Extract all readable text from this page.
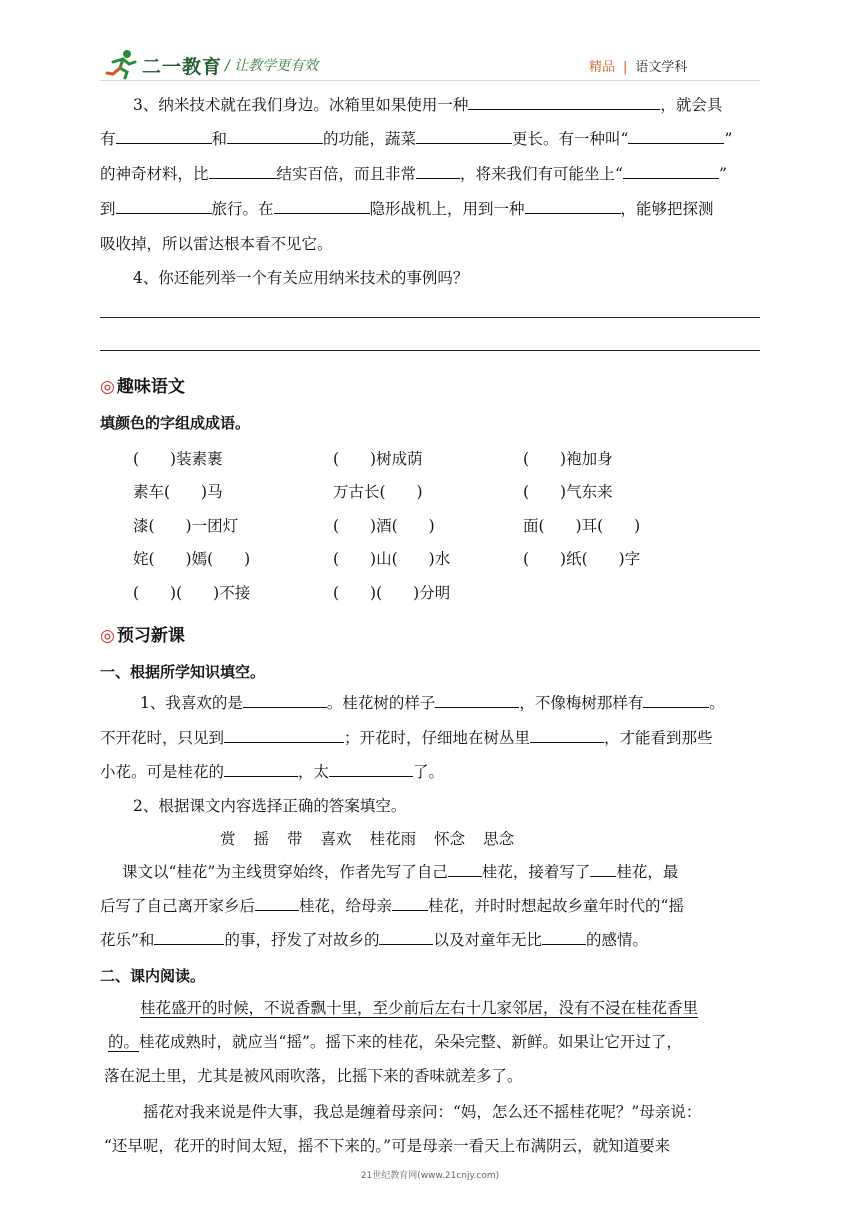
二一教育 / 让教学更有效	精品 | 语文学科
3、纳米技术就在我们身边。冰箱里如果使用一种	，就会具
有	和	的功能，蔬菜	更长。有一种叫“	”
的神奇材料，比	结实百倍，而且非常	，将来我们有可能坐上“	”
到	旅行。在	隐形战机上，用到一种	，能够把探测
吸收掉，所以雷达根本看不见它。
4、你还能列举一个有关应用纳米技术的事例吗？
◎ 趣味语文
填颜色的字组成成语。
(　　)装素裹	(　　)树成荫	(　　)袍加身
素车(　　)马	万古长(　　)	(　　)气东来
漆(　　)一团灯	(　　)酒(　　)	面(　　)耳(　　)
姹(　　)嫣(　　)	(　　)山(　　)水	(　　)纸(　　)字
(　　)(　　)不接	(　　)(　　)分明
◎ 预习新课
一、根据所学知识填空。
1、我喜欢的是	。桂花树的样子	，不像梅树那样有	。
不开花时，只见到	；开花时，仔细地在树丛里	，才能看到那些
小花。可是桂花的	，太	了。
2、根据课文内容选择正确的答案填空。
赏 摇 带 喜欢 桂花雨 怀念 思念
课文以“桂花”为主线贯穿始终，作者先写了自己 桂花，接着写了 桂花，最
后写了自己离开家乡后	桂花，给母亲 桂花，并时时想起故乡童年时代的“摇
花乐”和	的事，抒发了对故乡的	以及对童年无比	的感情。
二、课内阅读。
桂花盛开的时候，不说香飘十里，至少前后左右十几家邻居，没有不浸在桂花香里
的。桂花成熟时，就应当“摇”。摇下来的桂花，朵朵完整、新鲜。如果让它开过了，
落在泥土里，尤其是被风雨吹落，比摇下来的香味就差多了。
摇花对我来说是件大事，我总是缠着母亲问：“妈，怎么还不摇桂花呢？”母亲说：
“还早呢，花开的时间太短，摇不下来的。”可是母亲一看天上布满阴云，就知道要来
21世纪教育网(www.21cnjy.com)
